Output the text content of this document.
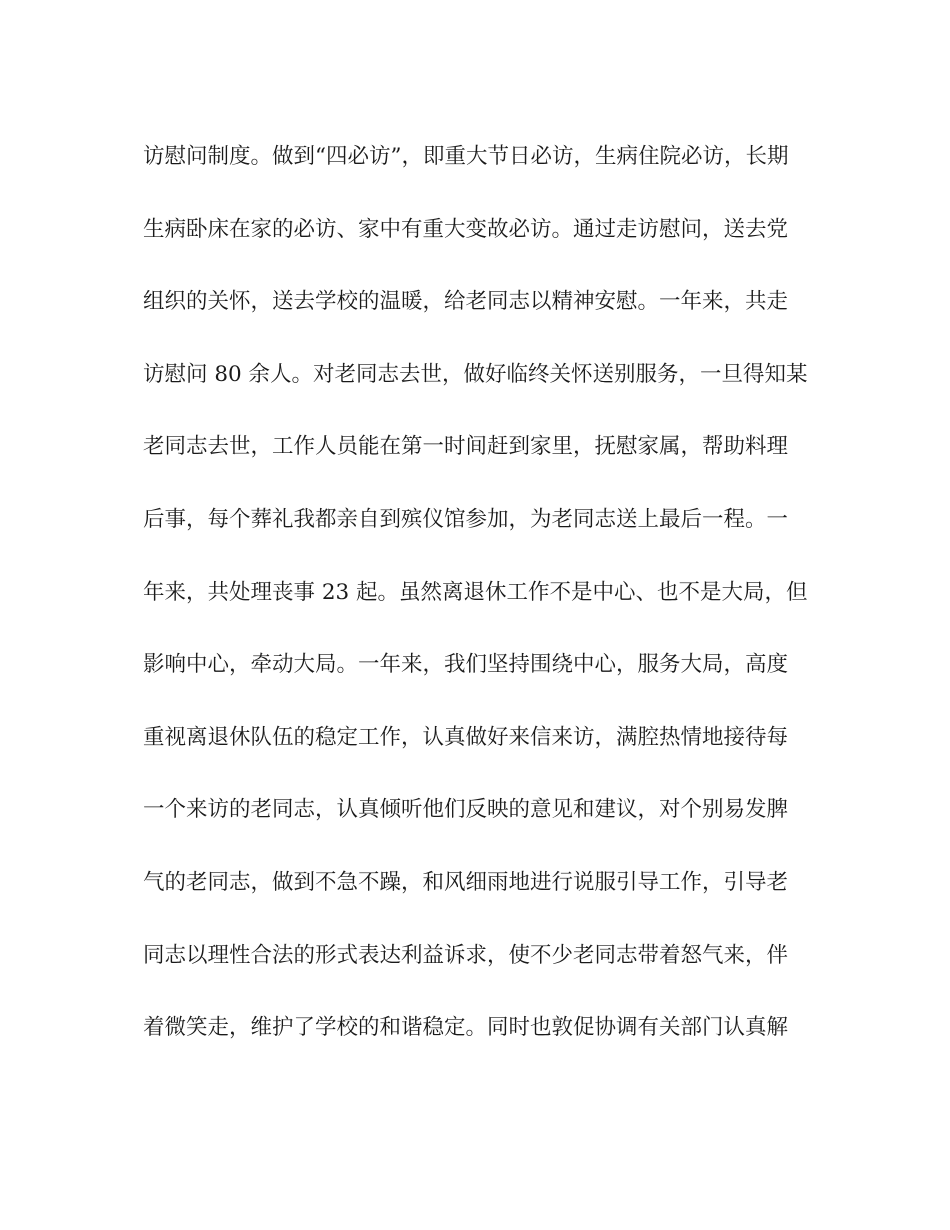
访慰问制度。做到“四必访”，即重大节日必访，生病住院必访，长期
生病卧床在家的必访、家中有重大变故必访。通过走访慰问，送去党
组织的关怀，送去学校的温暖，给老同志以精神安慰。一年来，共走
访慰问 80 余人。对老同志去世，做好临终关怀送别服务，一旦得知某
老同志去世，工作人员能在第一时间赶到家里，抚慰家属，帮助料理
后事，每个葬礼我都亲自到殡仪馆参加，为老同志送上最后一程。一
年来，共处理丧事 23 起。虽然离退休工作不是中心、也不是大局，但
影响中心，牵动大局。一年来，我们坚持围绕中心，服务大局，高度
重视离退休队伍的稳定工作，认真做好来信来访，满腔热情地接待每
一个来访的老同志，认真倾听他们反映的意见和建议，对个别易发脾
气的老同志，做到不急不躁，和风细雨地进行说服引导工作，引导老
同志以理性合法的形式表达利益诉求，使不少老同志带着怒气来，伴
着微笑走，维护了学校的和谐稳定。同时也敦促协调有关部门认真解
